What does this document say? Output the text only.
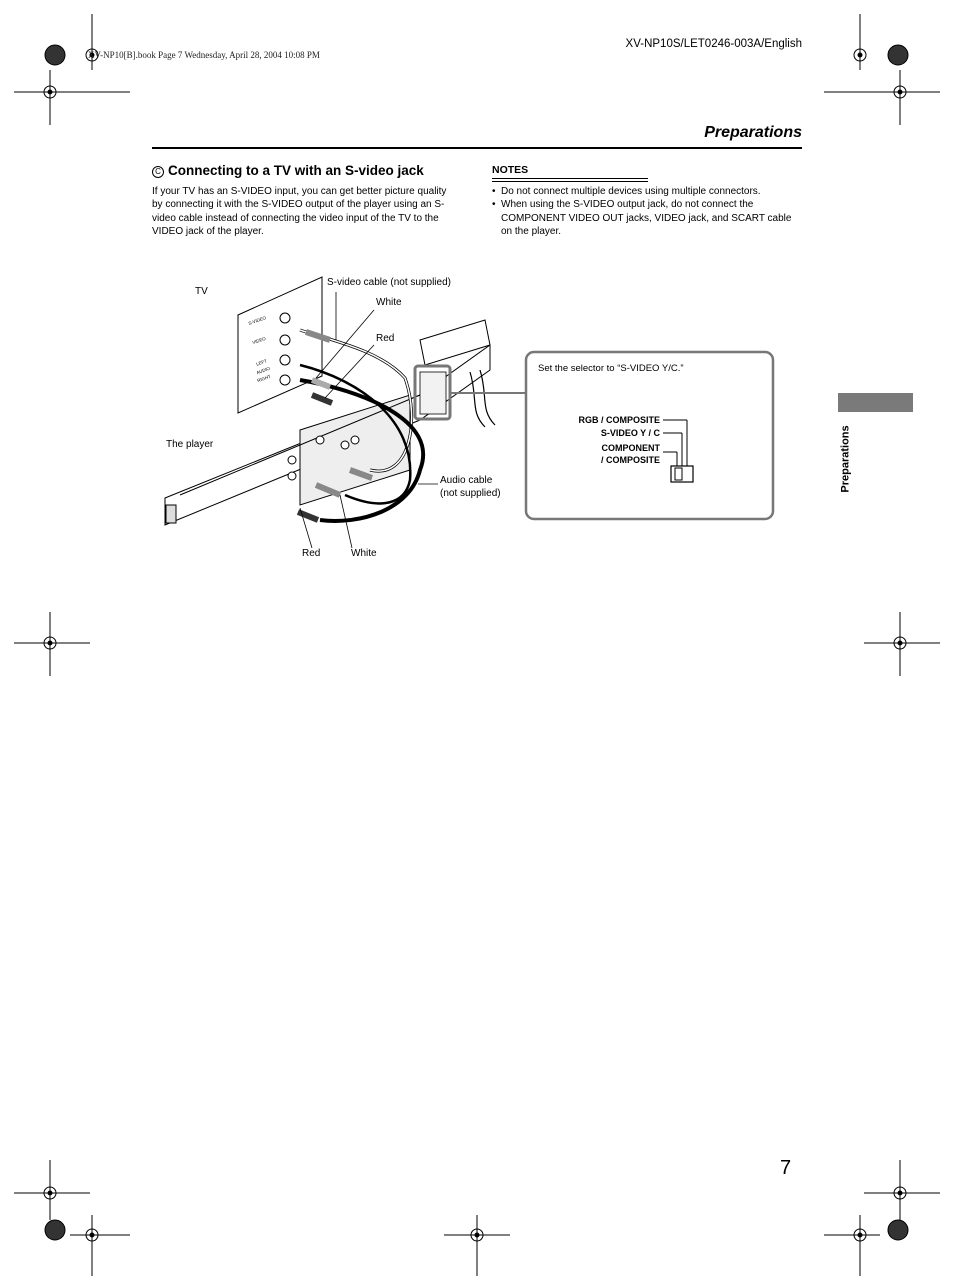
XV-NP10[B].book Page 7 Wednesday, April 28, 2004 10:08 PM
XV-NP10S/LET0246-003A/English
Preparations
C Connecting to a TV with an S-video jack
If your TV has an S-VIDEO input, you can get better picture quality by connecting it with the S-VIDEO output of the player using an S-video cable instead of connecting the video input of the TV to the VIDEO jack of the player.
NOTES
• Do not connect multiple devices using multiple connectors.
• When using the S-VIDEO output jack, do not connect the COMPONENT VIDEO OUT jacks, VIDEO jack, and SCART cable on the player.
TV
S-video cable (not supplied)
White
Red
The player
Audio cable
(not supplied)
Red	White
S-VIDEO
VIDEO
LEFT
AUDIO
RIGHT
Set the selector to “S-VIDEO Y/C.”
RGB / COMPOSITE
S-VIDEO Y / C
COMPONENT
/ COMPOSITE	Preparations
7
